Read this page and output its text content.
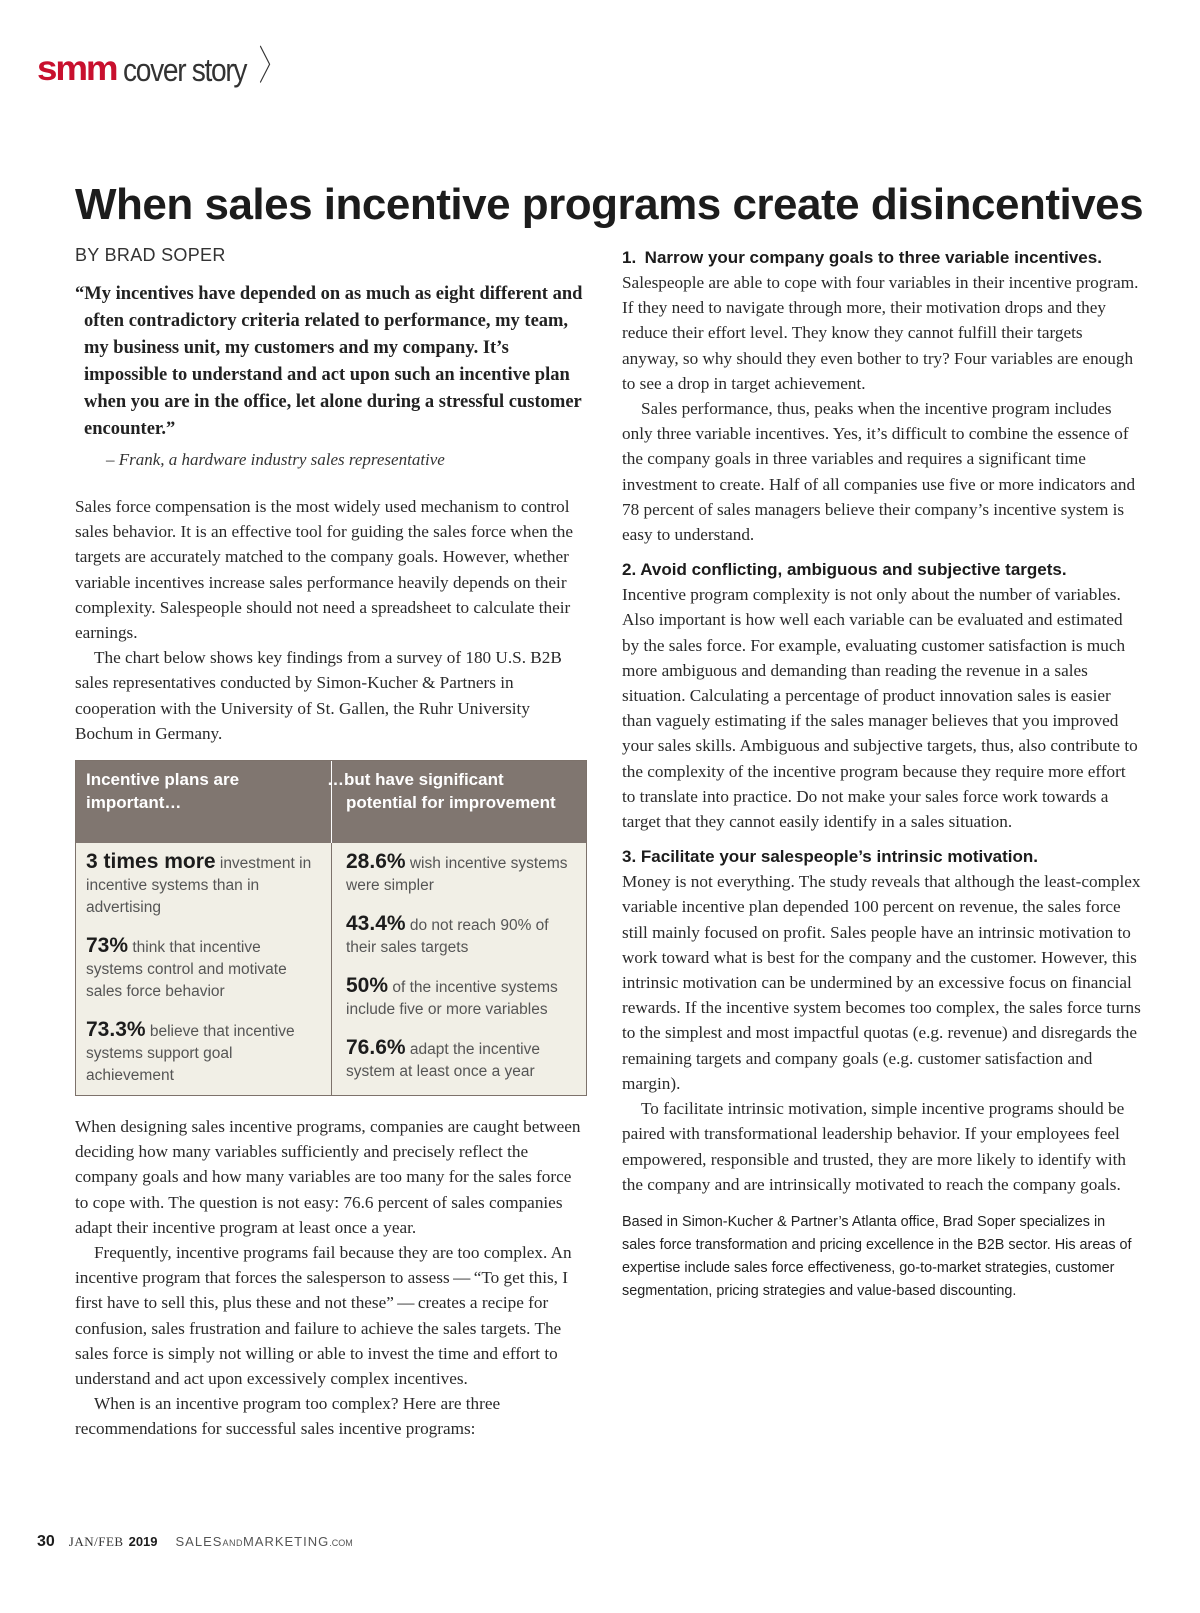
smm cover story 〉
When sales incentive programs create disincentives
BY BRAD SOPER
“My incentives have depended on as much as eight different and often contradictory criteria related to performance, my team, my business unit, my customers and my company. It’s impossible to understand and act upon such an incentive plan when you are in the office, let alone during a stressful customer encounter.”
– Frank, a hardware industry sales representative

Sales force compensation is the most widely used mechanism to control sales behavior. It is an effective tool for guiding the sales force when the targets are accurately matched to the company goals. However, whether variable incentives increase sales performance heavily depends on their complexity. Salespeople should not need a spreadsheet to calculate their earnings.

The chart below shows key findings from a survey of 180 U.S. B2B sales representatives conducted by Simon-Kucher & Partners in cooperation with the University of St. Gallen, the Ruhr University Bochum in Germany.

Incentive plans are important…
…but have significant potential for improvement
3 times more investment in incentive systems than in advertising
73% think that incentive systems control and motivate sales force behavior
73.3% believe that incentive systems support goal achievement
28.6% wish incentive systems were simpler
43.4% do not reach 90% of their sales targets
50% of the incentive systems include five or more variables
76.6% adapt the incentive system at least once a year

When designing sales incentive programs, companies are caught between deciding how many variables sufficiently and precisely reflect the company goals and how many variables are too many for the sales force to cope with. The question is not easy: 76.6 percent of sales companies adapt their incentive program at least once a year.

Frequently, incentive programs fail because they are too complex. An incentive program that forces the salesperson to assess — “To get this, I first have to sell this, plus these and not these” — creates a recipe for confusion, sales frustration and failure to achieve the sales targets. The sales force is simply not willing or able to invest the time and effort to understand and act upon excessively complex incentives.

When is an incentive program too complex? Here are three recommendations for successful sales incentive programs:

1. Narrow your company goals to three variable incentives.

Salespeople are able to cope with four variables in their incentive program. If they need to navigate through more, their motivation drops and they reduce their effort level. They know they cannot fulfill their targets anyway, so why should they even bother to try? Four variables are enough to see a drop in target achievement.

Sales performance, thus, peaks when the incentive program includes only three variable incentives. Yes, it’s difficult to combine the essence of the company goals in three variables and requires a significant time investment to create. Half of all companies use five or more indicators and 78 percent of sales managers believe their company’s incentive system is easy to understand.

2. Avoid conflicting, ambiguous and subjective targets.

Incentive program complexity is not only about the number of variables. Also important is how well each variable can be evaluated and estimated by the sales force. For example, evaluating customer satisfaction is much more ambiguous and demanding than reading the revenue in a sales situation. Calculating a percentage of product innovation sales is easier than vaguely estimating if the sales manager believes that you improved your sales skills. Ambiguous and subjective targets, thus, also contribute to the complexity of the incentive program because they require more effort to translate into practice. Do not make your sales force work towards a target that they cannot easily identify in a sales situation.

3. Facilitate your salespeople’s intrinsic motivation.

Money is not everything. The study reveals that although the least-complex variable incentive plan depended 100 percent on revenue, the sales force still mainly focused on profit. Sales people have an intrinsic motivation to work toward what is best for the company and the customer. However, this intrinsic motivation can be undermined by an excessive focus on financial rewards. If the incentive system becomes too complex, the sales force turns to the simplest and most impactful quotas (e.g. revenue) and disregards the remaining targets and company goals (e.g. customer satisfaction and margin).

To facilitate intrinsic motivation, simple incentive programs should be paired with transformational leadership behavior. If your employees feel empowered, responsible and trusted, they are more likely to identify with the company and are intrinsically motivated to reach the company goals.

Based in Simon-Kucher & Partner’s Atlanta office, Brad Soper specializes in sales force transformation and pricing excellence in the B2B sector. His areas of expertise include sales force effectiveness, go-to-market strategies, customer segmentation, pricing strategies and value-based discounting.

30 JAN/FEB 2019 SALES AND MARKETING .COM
